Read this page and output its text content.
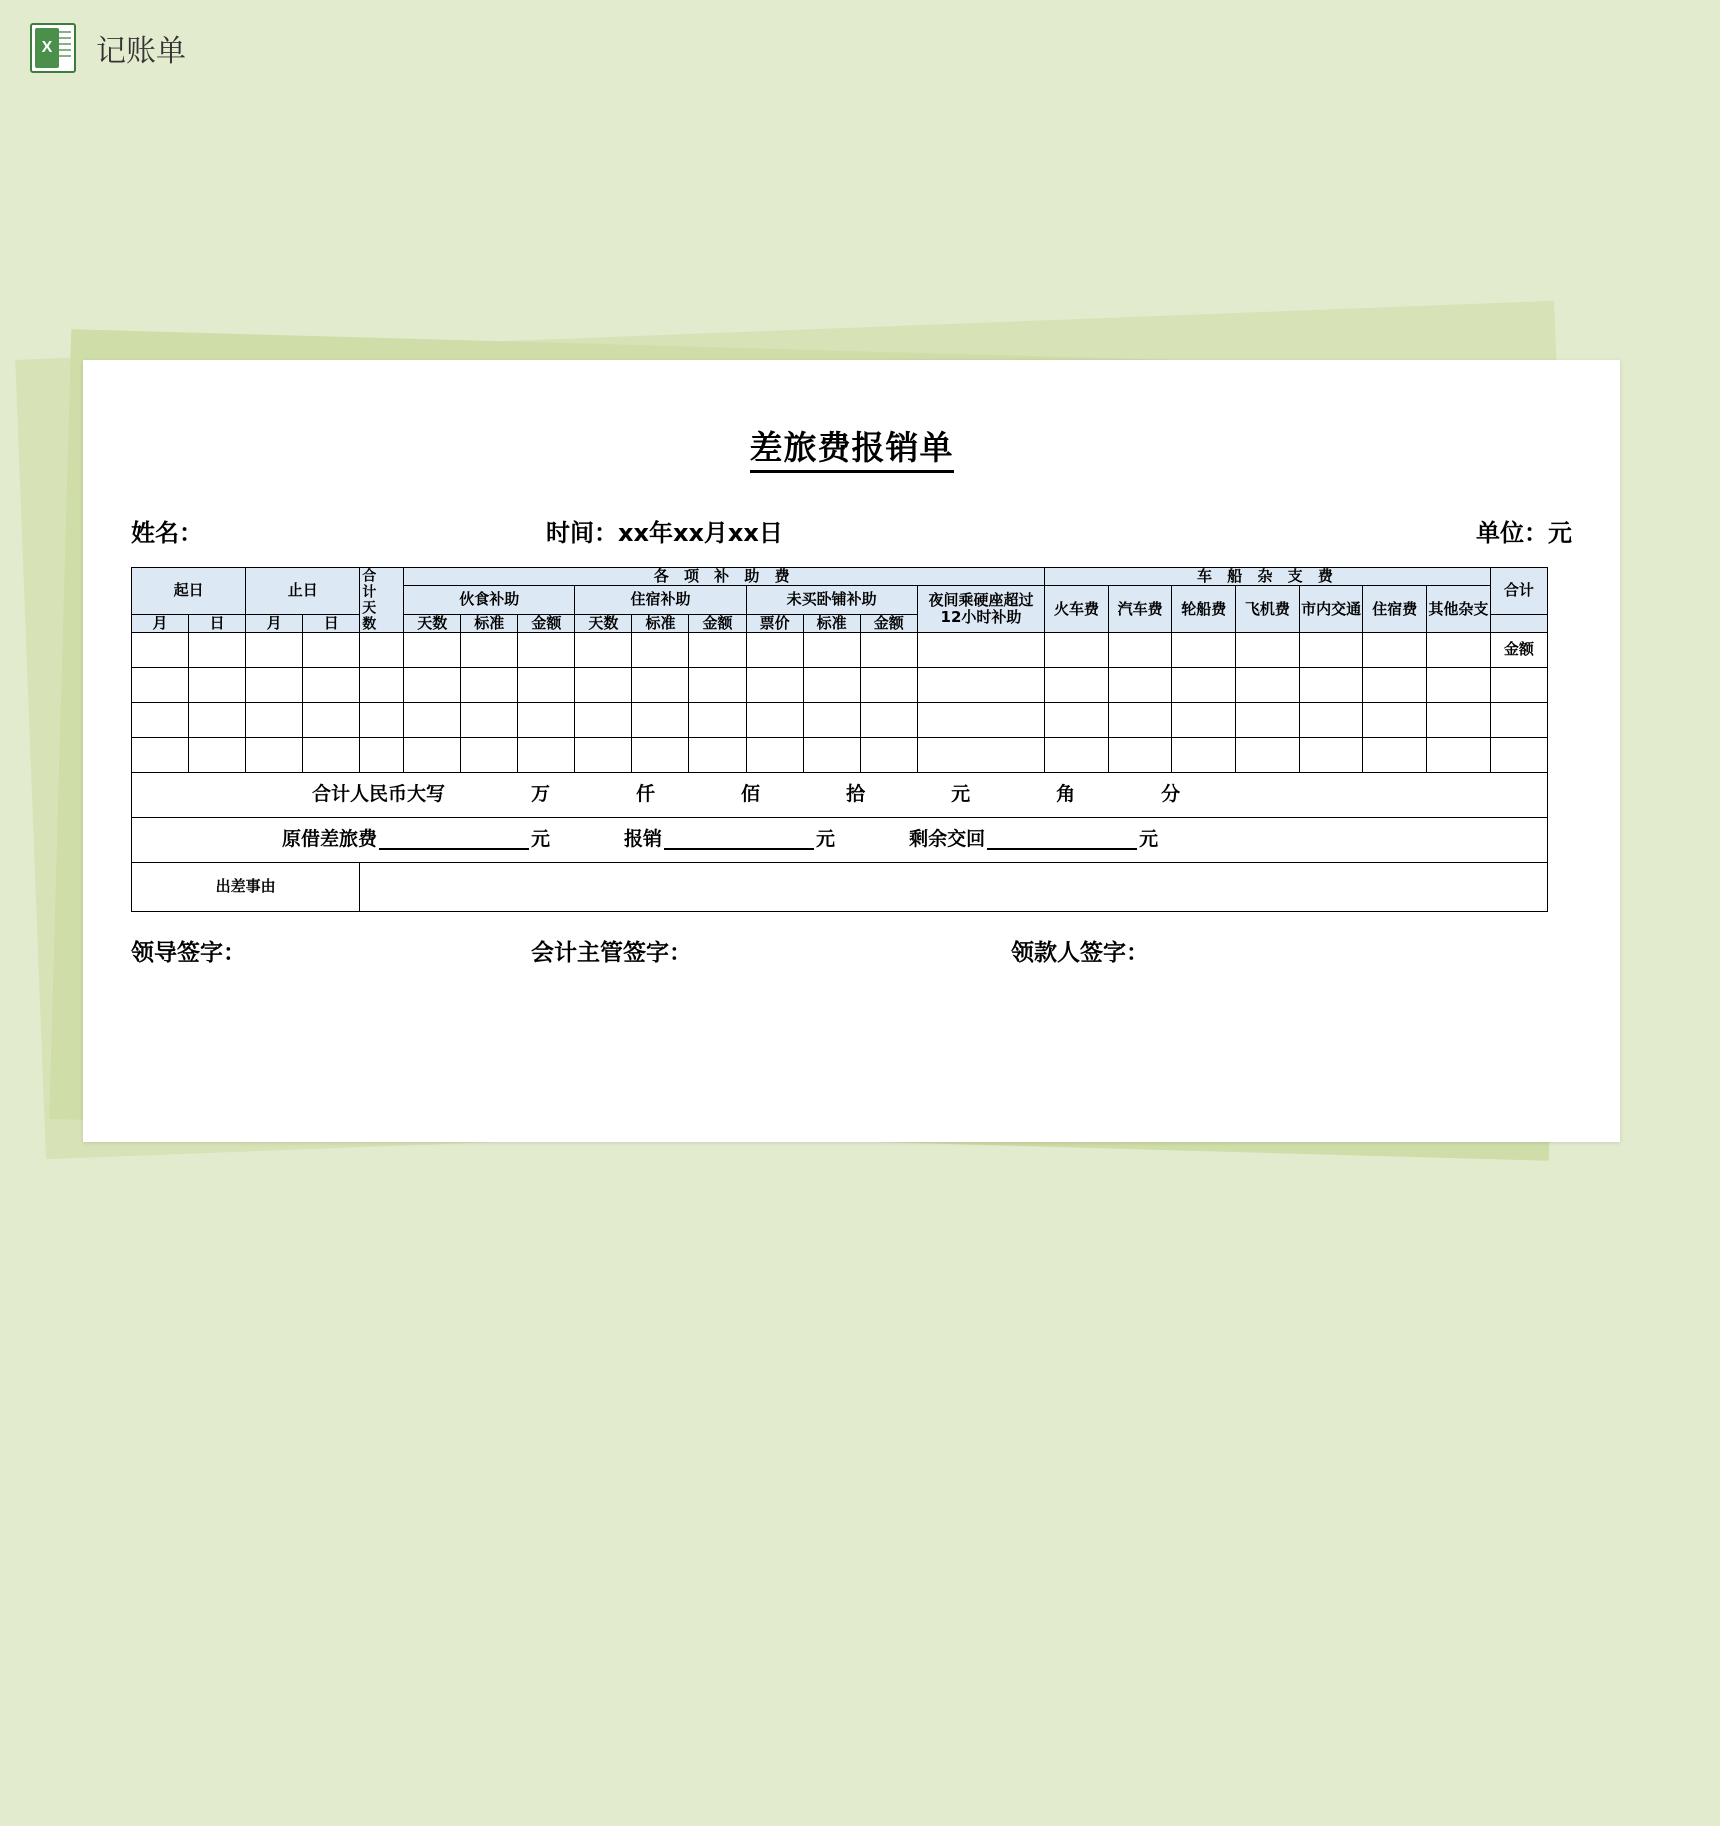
X 记账单
差旅费报销单
姓名：	时间：xx年xx月xx日	单位：元
起日		止日		合计天数	各 项 补 助 费										车 船 杂 支 费							合计
					伙食补助			住宿补助			未买卧铺补助			夜间乘硬座超过12小时补助	火车费	汽车费	轮船费	飞机费	市内交通	住宿费	其他杂支	
月	日	月	日		天数	标准	金额	天数	标准	金额	票价	标准	金额									
																						金额

合计人民币大写	万	仟	佰	拾	元	角	分

原借差旅费 元 报销 元 剩余交回 元																						

出差事由																						
领导签字：	会计主管签字：	领款人签字：
